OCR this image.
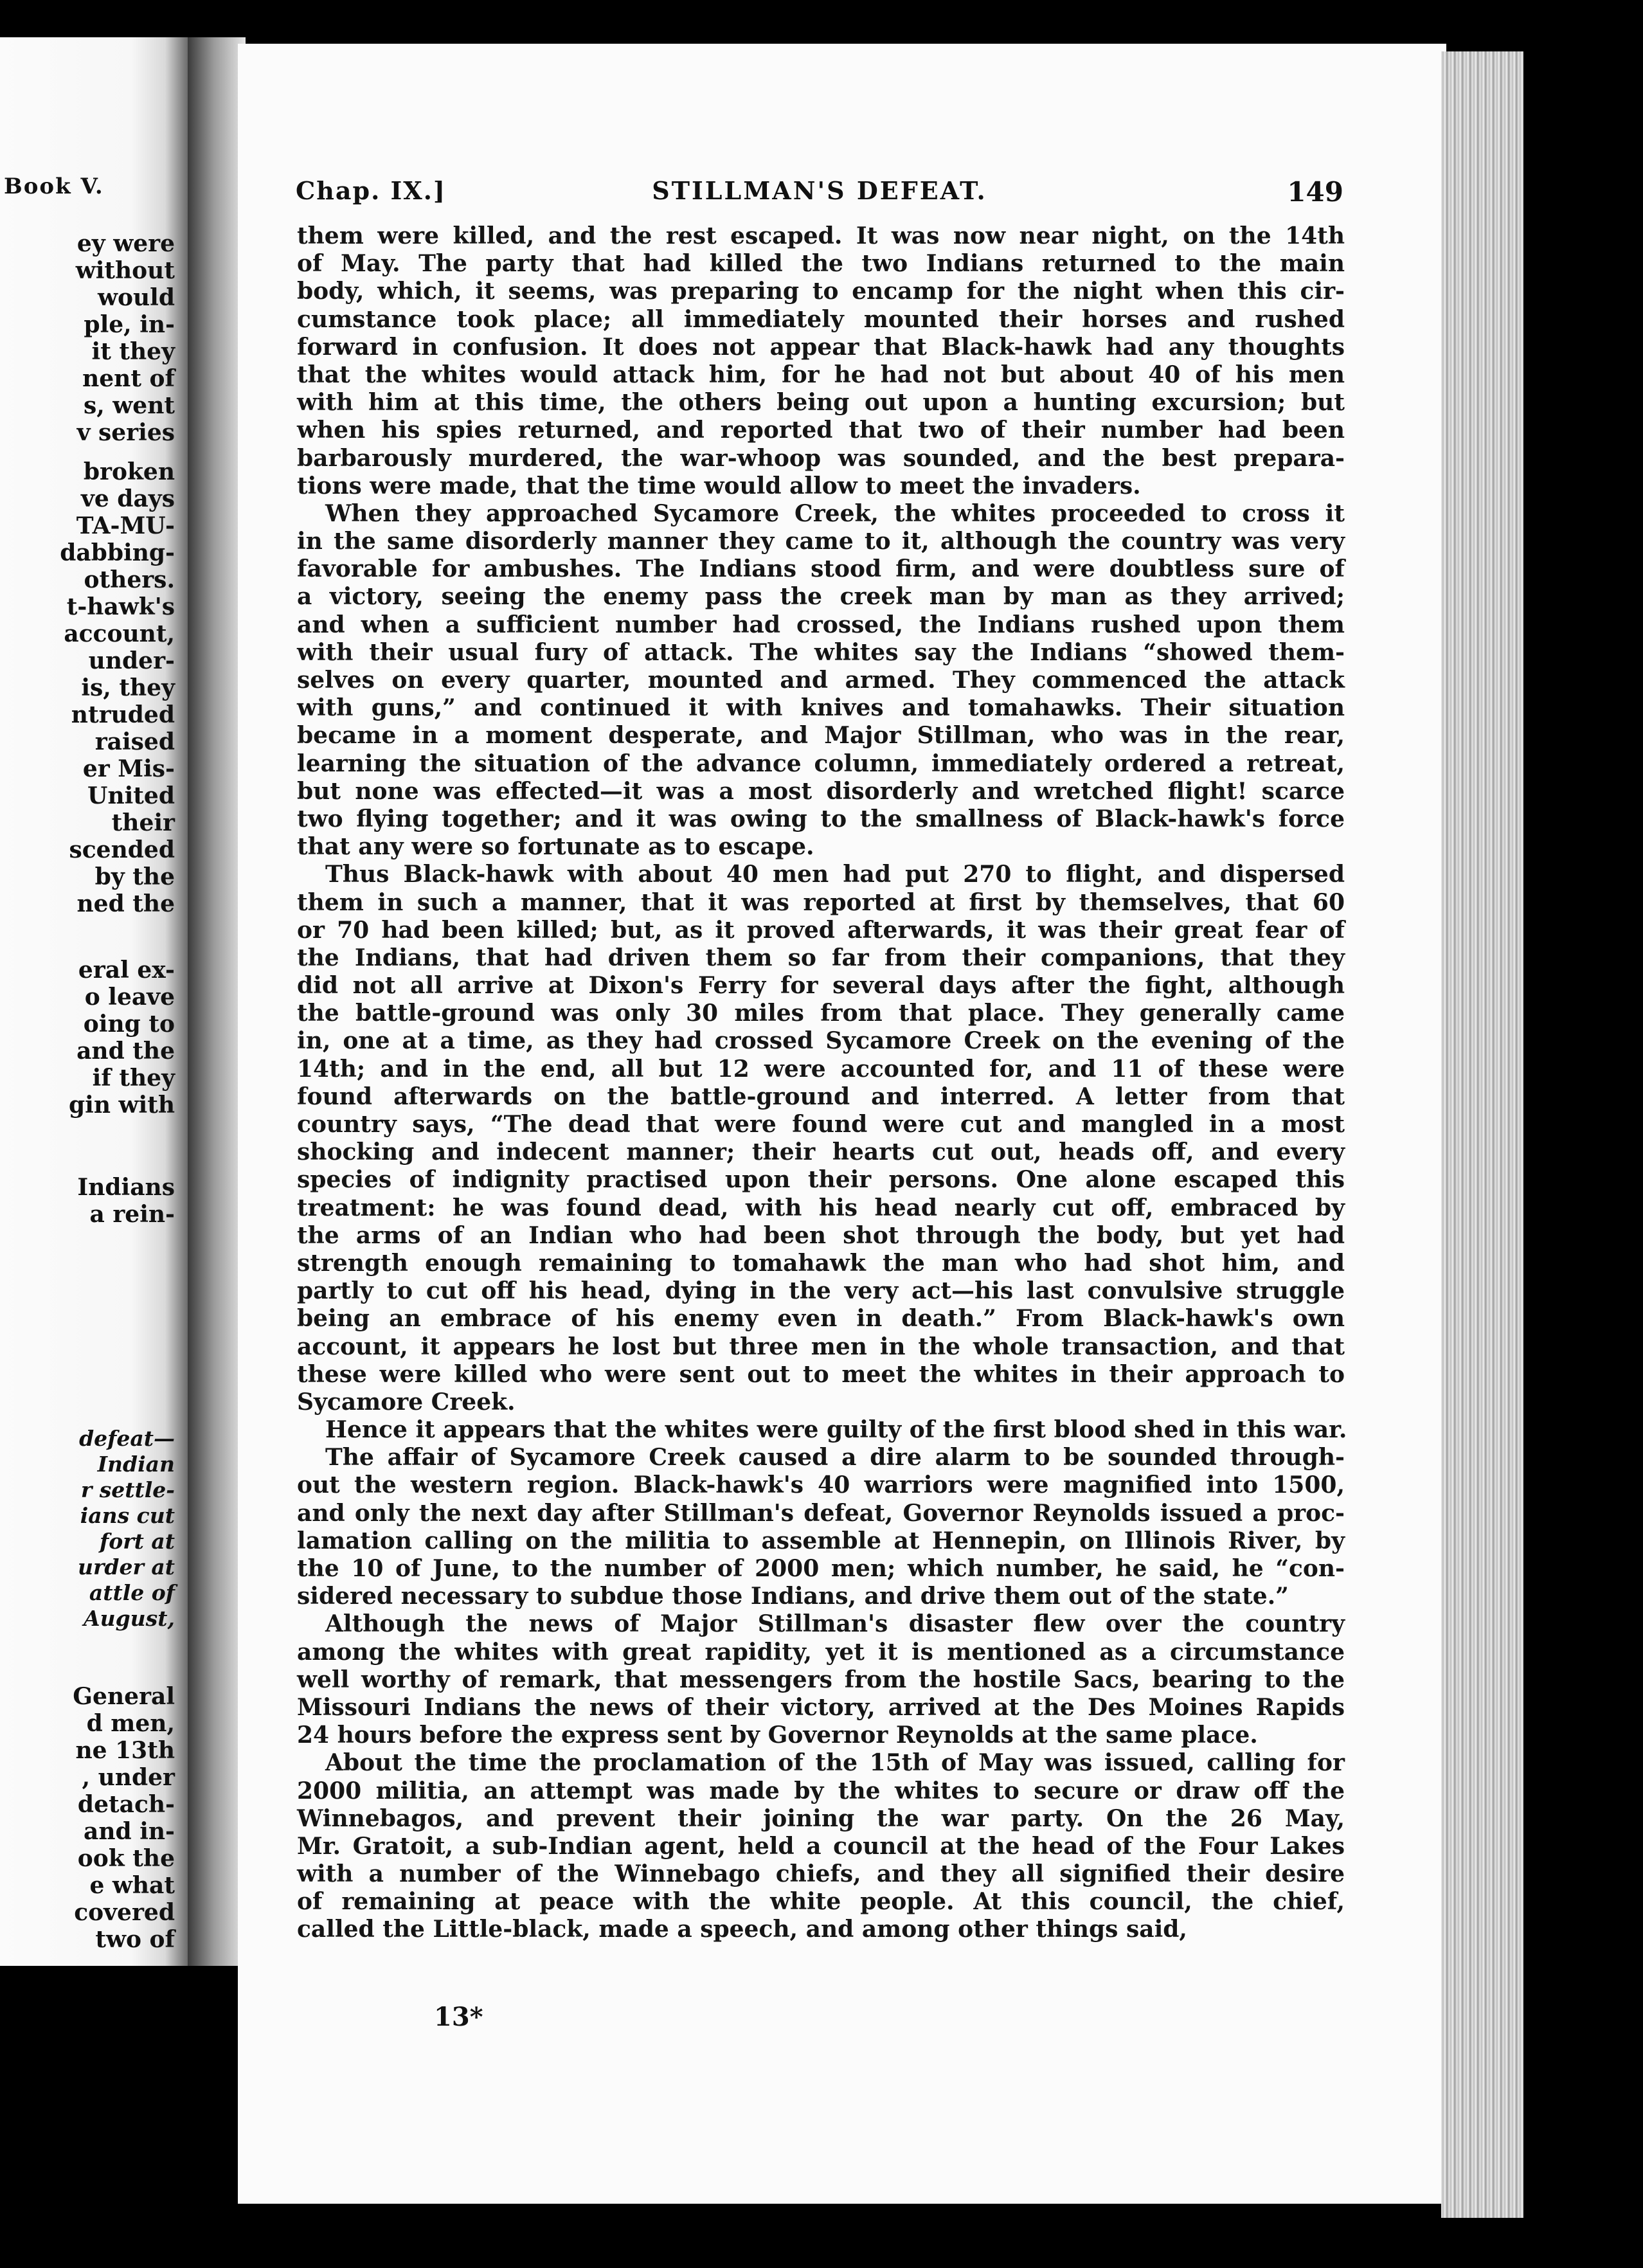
Book V.
ey were
without
would
ple, in-
it they
nent of
s, went
v series
broken
ve days
TA-MU-
dabbing-
others.
t-hawk's
account,
under-
is, they
ntruded
raised
er Mis-
United
their
scended
by the
ned the
eral ex-
o leave
oing to
and the
if they
gin with
Indians
a rein-
defeat—
Indian
r settle-
ians cut
fort at
urder at
attle of
August,
General
d men,
ne 13th
, under
detach-
and in-
ook the
e what
covered
two of
Chap. IX.]	STILLMAN'S DEFEAT.	149
them were killed, and the rest escaped. It was now near night, on the 14th
of May. The party that had killed the two Indians returned to the main
body, which, it seems, was preparing to encamp for the night when this cir-
cumstance took place; all immediately mounted their horses and rushed
forward in confusion. It does not appear that Black-hawk had any thoughts
that the whites would attack him, for he had not but about 40 of his men
with him at this time, the others being out upon a hunting excursion; but
when his spies returned, and reported that two of their number had been
barbarously murdered, the war-whoop was sounded, and the best prepara-
tions were made, that the time would allow to meet the invaders.
When they approached Sycamore Creek, the whites proceeded to cross it
in the same disorderly manner they came to it, although the country was very
favorable for ambushes. The Indians stood firm, and were doubtless sure of
a victory, seeing the enemy pass the creek man by man as they arrived;
and when a sufficient number had crossed, the Indians rushed upon them
with their usual fury of attack. The whites say the Indians “showed them-
selves on every quarter, mounted and armed. They commenced the attack
with guns,” and continued it with knives and tomahawks. Their situation
became in a moment desperate, and Major Stillman, who was in the rear,
learning the situation of the advance column, immediately ordered a retreat,
but none was effected—it was a most disorderly and wretched flight! scarce
two flying together; and it was owing to the smallness of Black-hawk's force
that any were so fortunate as to escape.
Thus Black-hawk with about 40 men had put 270 to flight, and dispersed
them in such a manner, that it was reported at first by themselves, that 60
or 70 had been killed; but, as it proved afterwards, it was their great fear of
the Indians, that had driven them so far from their companions, that they
did not all arrive at Dixon's Ferry for several days after the fight, although
the battle-ground was only 30 miles from that place. They generally came
in, one at a time, as they had crossed Sycamore Creek on the evening of the
14th; and in the end, all but 12 were accounted for, and 11 of these were
found afterwards on the battle-ground and interred. A letter from that
country says, “The dead that were found were cut and mangled in a most
shocking and indecent manner; their hearts cut out, heads off, and every
species of indignity practised upon their persons. One alone escaped this
treatment: he was found dead, with his head nearly cut off, embraced by
the arms of an Indian who had been shot through the body, but yet had
strength enough remaining to tomahawk the man who had shot him, and
partly to cut off his head, dying in the very act—his last convulsive struggle
being an embrace of his enemy even in death.” From Black-hawk's own
account, it appears he lost but three men in the whole transaction, and that
these were killed who were sent out to meet the whites in their approach to
Sycamore Creek.
Hence it appears that the whites were guilty of the first blood shed in this war.
The affair of Sycamore Creek caused a dire alarm to be sounded through-
out the western region. Black-hawk's 40 warriors were magnified into 1500,
and only the next day after Stillman's defeat, Governor Reynolds issued a proc-
lamation calling on the militia to assemble at Hennepin, on Illinois River, by
the 10 of June, to the number of 2000 men; which number, he said, he “con-
sidered necessary to subdue those Indians, and drive them out of the state.”
Although the news of Major Stillman's disaster flew over the country
among the whites with great rapidity, yet it is mentioned as a circumstance
well worthy of remark, that messengers from the hostile Sacs, bearing to the
Missouri Indians the news of their victory, arrived at the Des Moines Rapids
24 hours before the express sent by Governor Reynolds at the same place.
About the time the proclamation of the 15th of May was issued, calling for
2000 militia, an attempt was made by the whites to secure or draw off the
Winnebagos, and prevent their joining the war party. On the 26 May,
Mr. Gratoit, a sub-Indian agent, held a council at the head of the Four Lakes
with a number of the Winnebago chiefs, and they all signified their desire
of remaining at peace with the white people. At this council, the chief,
called the Little-black, made a speech, and among other things said,
13*
